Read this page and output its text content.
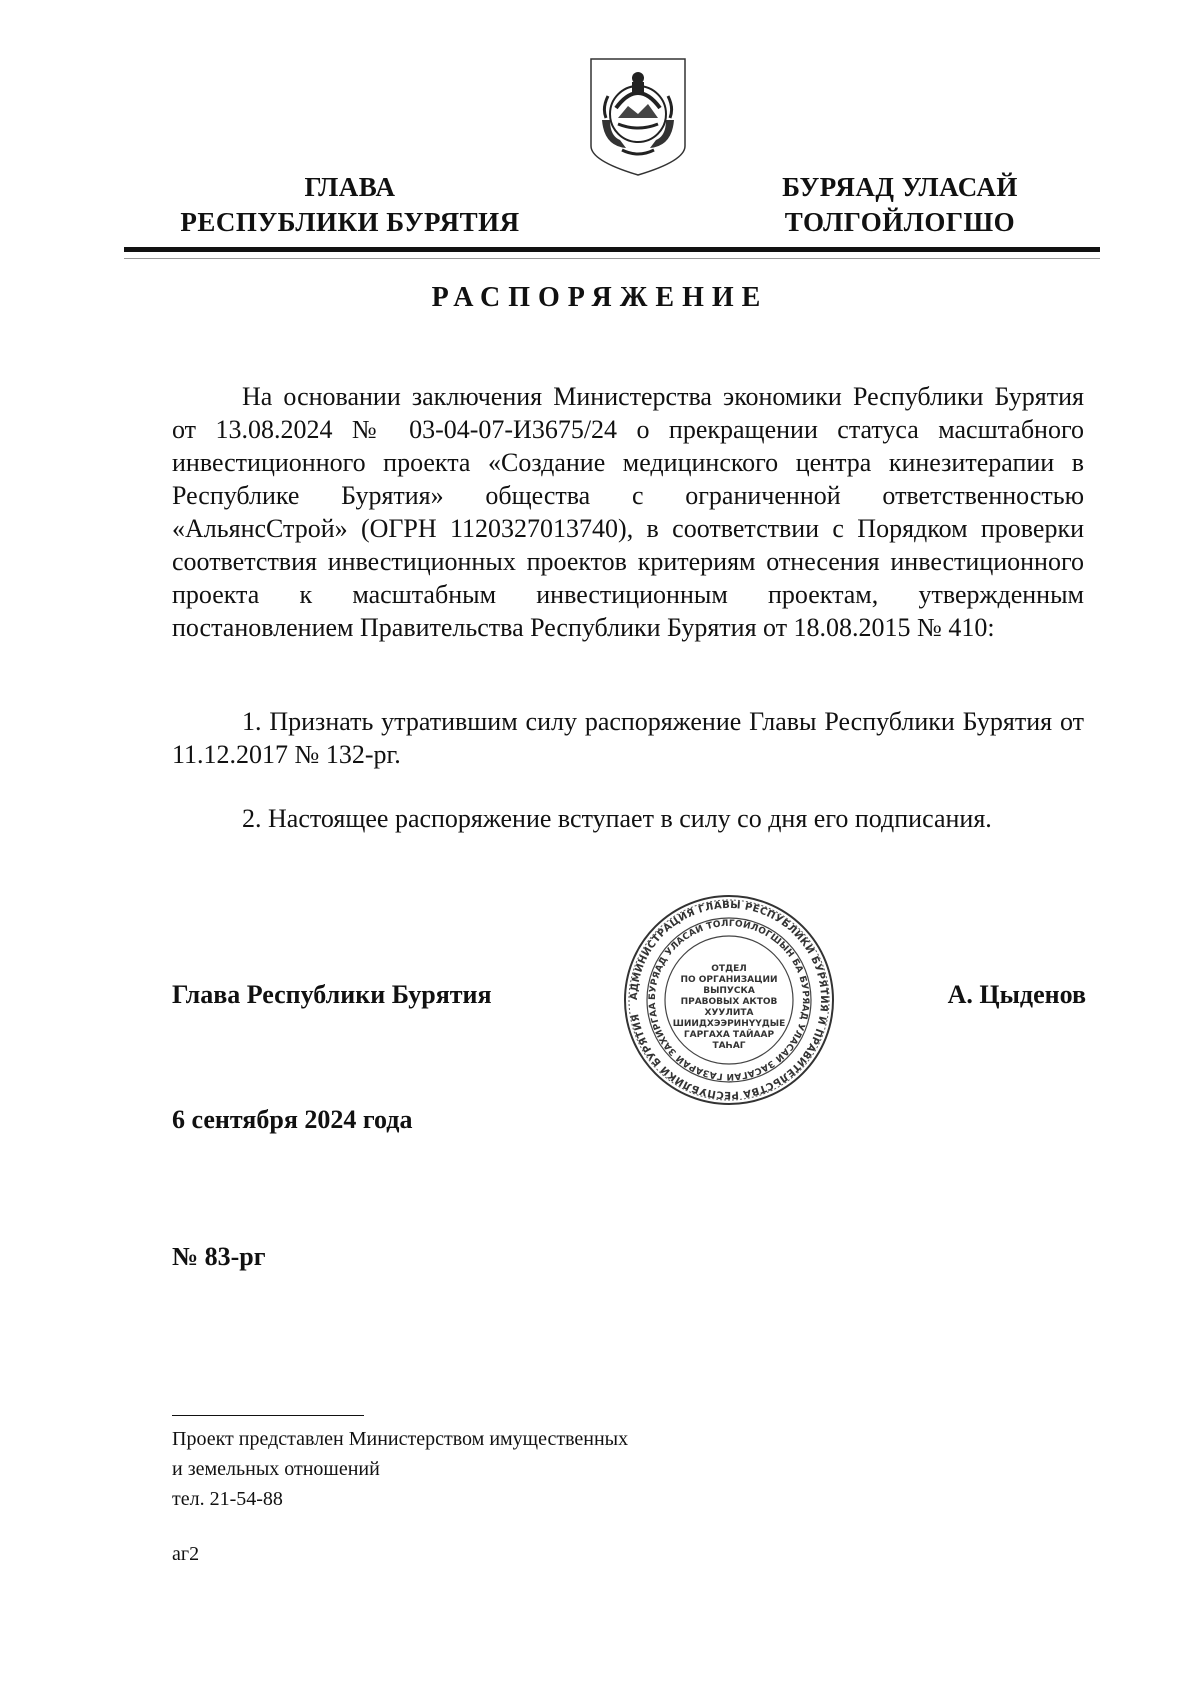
ГЛАВА
РЕСПУБЛИКИ БУРЯТИЯ
БУРЯАД УЛАСАЙ
ТОЛГОЙЛОГШО
РАСПОРЯЖЕНИЕ

На основании заключения Министерства экономики Республики Бурятия от 13.08.2024 № 03-04-07-И3675/24 о прекращении статуса масштабного инвестиционного проекта «Создание медицинского центра кинезитерапии в Республике Бурятия» общества с ограниченной ответственностью «АльянсСтрой» (ОГРН 1120327013740), в соответствии с Порядком проверки соответствия инвестиционных проектов критериям отнесения инвестиционного проекта к масштабным инвестиционным проектам, утвержденным постановлением Правительства Республики Бурятия от 18.08.2015 № 410:

1. Признать утратившим силу распоряжение Главы Республики Бурятия от 11.12.2017 № 132-рг.

2. Настоящее распоряжение вступает в силу со дня его подписания.

Глава Республики Бурятия	А. Цыденов
АДМИНИСТРАЦИЯ ГЛАВЫ РЕСПУБЛИКИ БУРЯТИЯ И ПРАВИТЕЛЬСТВА РЕСПУБЛИКИ БУРЯТИЯ
БУРЯАД УЛАСАЙ ТОЛГОЙЛОГШЫН БА БУРЯАД УЛАСАЙ ЗАСАГАЙ ГАЗАРАЙ ЗАХИРГАА
ОТДЕЛ
ПО ОРГАНИЗАЦИИ
ВЫПУСКА
ПРАВОВЫХ АКТОВ
ХУУЛИТА
ШИИДХЭЭРИНҮҮДЫЕ
ГАРГАХА ТАЙААР
ТАҺАГ
6 сентября 2024 года
№ 83-рг
Проект представлен Министерством имущественных
и земельных отношений
тел. 21-54-88
аг2
